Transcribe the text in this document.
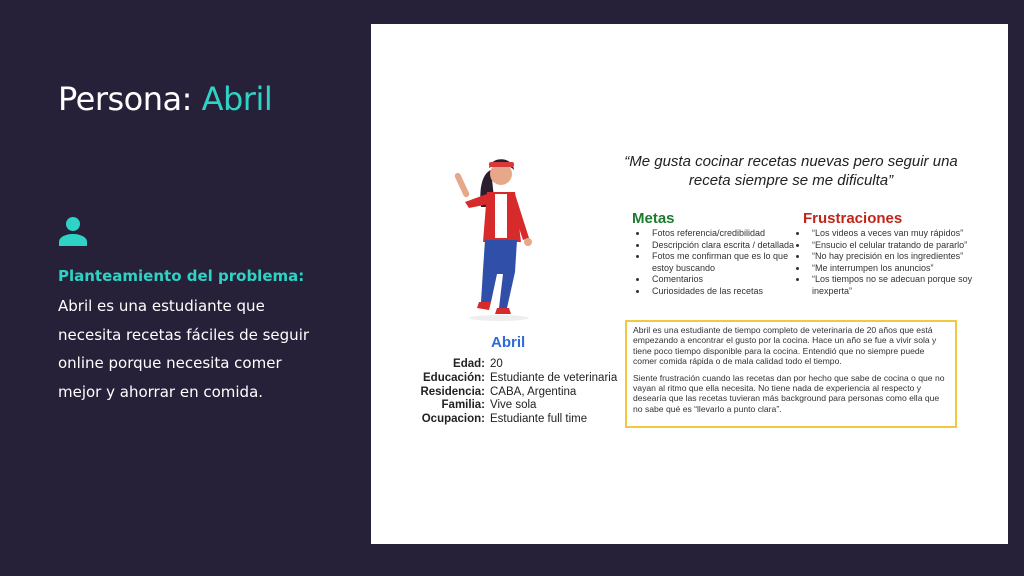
Persona: Abril
Planteamiento del problema:
Abril es una estudiante que necesita recetas fáciles de seguir online porque necesita comer mejor y ahorrar en comida.
“Me gusta cocinar recetas nuevas pero seguir una receta siempre se me dificulta”
Metas
• Fotos referencia/credibilidad
• Descripción clara escrita / detallada
• Fotos me confirman que es lo que estoy buscando
• Comentarios
• Curiosidades de las recetas
Frustraciones
• “Los videos a veces van muy rápidos”
• “Ensucio el celular tratando de pararlo”
• “No hay precisión en los ingredientes”
• “Me interrumpen los anuncios”
• “Los tiempos no se adecuan porque soy inexperta”
Abril
Edad: 20
Educación: Estudiante de veterinaria
Residencia: CABA, Argentina
Familia: Vive sola
Ocupacion: Estudiante full time

Abril es una estudiante de tiempo completo de veterinaria de 20 años que está empezando a encontrar el gusto por la cocina. Hace un año se fue a vivir sola y tiene poco tiempo disponible para la cocina. Entendió que no siempre puede comer comida rápida o de mala calidad todo el tiempo.

Siente frustración cuando las recetas dan por hecho que sabe de cocina o que no vayan al ritmo que ella necesita. No tiene nada de experiencia al respecto y desearía que las recetas tuvieran más background para personas como ella que no sabe qué es “llevarlo a punto clara”.
